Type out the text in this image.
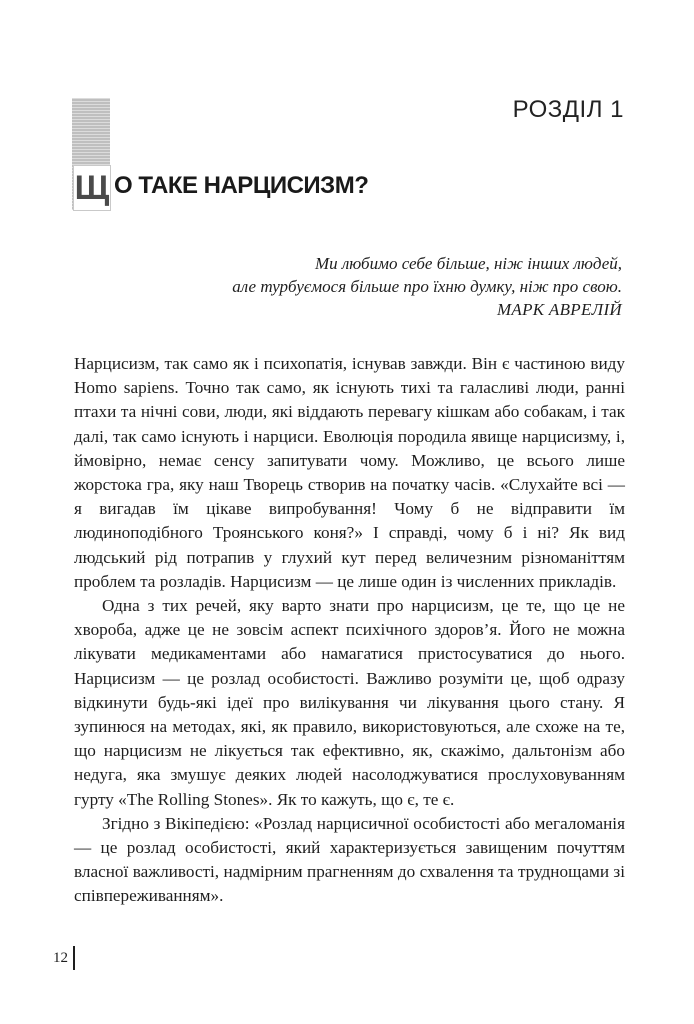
РОЗДІЛ 1
Щ О ТАКЕ НАРЦИСИЗМ?
Ми любимо себе більше, ніж інших людей,
але турбуємося більше про їхню думку, ніж про свою.
МАРК АВРЕЛІЙ

Нарцисизм, так само як і психопатія, існував завжди. Він є частиною виду Homo sapiens. Точно так само, як існують тихі та галасливі люди, ранні птахи та нічні сови, люди, які віддають перевагу кішкам або собакам, і так далі, так само існують і нарциси. Еволюція породила явище нарцисизму, і, ймовірно, немає сенсу запитувати чому. Можливо, це всього лише жорстока гра, яку наш Творець створив на початку часів. «Слухайте всі — я вигадав їм цікаве випробування! Чому б не відправити їм людиноподібного Троянського коня?» І справді, чому б і ні? Як вид людський рід потрапив у глухий кут перед величезним різноманіттям проблем та розладів. Нарцисизм — це лише один із численних прикладів.

Одна з тих речей, яку варто знати про нарцисизм, це те, що це не хвороба, адже це не зовсім аспект психічного здоров’я. Його не можна лікувати медикаментами або намагатися пристосуватися до нього. Нарцисизм — це розлад особистості. Важливо розуміти це, щоб одразу відкинути будь-які ідеї про вилікування чи лікування цього стану. Я зупинюся на методах, які, як правило, використовуються, але схоже на те, що нарцисизм не лікується так ефективно, як, скажімо, дальтонізм або недуга, яка змушує деяких людей насолоджуватися прослуховуванням гурту «The Rolling Stones». Як то кажуть, що є, те є.

Згідно з Вікіпедією: «Розлад нарцисичної особистості або мегаломанія — це розлад особистості, який характеризується завищеним почуттям власної важливості, надмірним прагненням до схвалення та труднощами зі співпереживанням».

12
